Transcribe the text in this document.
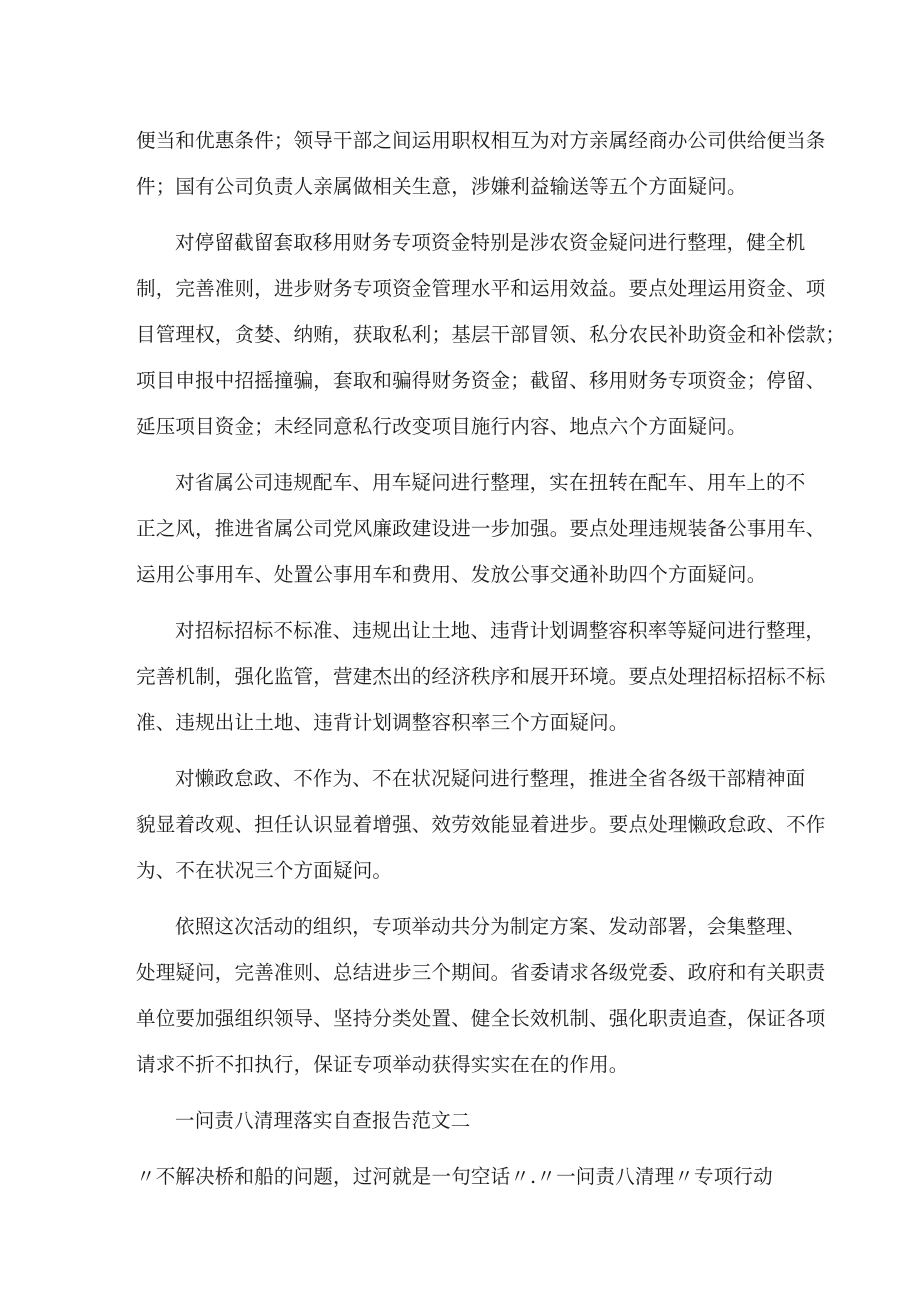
便当和优惠条件；领导干部之间运用职权相互为对方亲属经商办公司供给便当条
件；国有公司负责人亲属做相关生意，涉嫌利益输送等五个方面疑问。

对停留截留套取移用财务专项资金特别是涉农资金疑问进行整理，健全机
制，完善准则，进步财务专项资金管理水平和运用效益。要点处理运用资金、项
目管理权，贪婪、纳贿，获取私利；基层干部冒领、私分农民补助资金和补偿款；
项目申报中招摇撞骗，套取和骗得财务资金；截留、移用财务专项资金；停留、
延压项目资金；未经同意私行改变项目施行内容、地点六个方面疑问。

对省属公司违规配车、用车疑问进行整理，实在扭转在配车、用车上的不
正之风，推进省属公司党风廉政建设进一步加强。要点处理违规装备公事用车、
运用公事用车、处置公事用车和费用、发放公事交通补助四个方面疑问。

对招标招标不标准、违规出让土地、违背计划调整容积率等疑问进行整理，
完善机制，强化监管，营建杰出的经济秩序和展开环境。要点处理招标招标不标
准、违规出让土地、违背计划调整容积率三个方面疑问。

对懒政怠政、不作为、不在状况疑问进行整理，推进全省各级干部精神面
貌显着改观、担任认识显着增强、效劳效能显着进步。要点处理懒政怠政、不作
为、不在状况三个方面疑问。

依照这次活动的组织，专项举动共分为制定方案、发动部署，会集整理、
处理疑问，完善准则、总结进步三个期间。省委请求各级党委、政府和有关职责
单位要加强组织领导、坚持分类处置、健全长效机制、强化职责追查，保证各项
请求不折不扣执行，保证专项举动获得实实在在的作用。

一问责八清理落实自查报告范文二

〃不解决桥和船的问题，过河就是一句空话〃.〃一问责八清理〃专项行动
